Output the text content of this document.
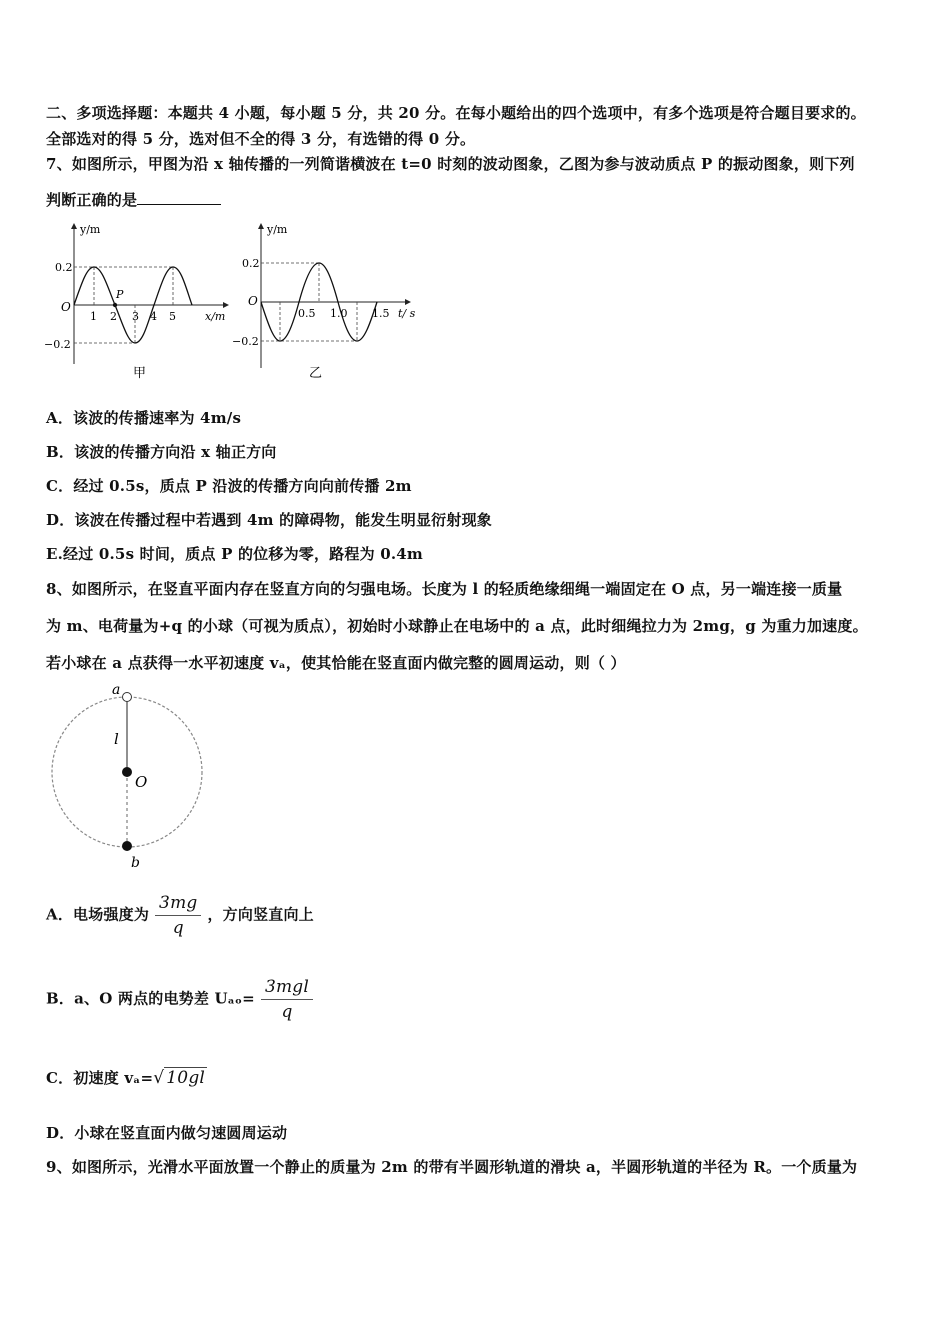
二、多项选择题：本题共 4 小题，每小题 5 分，共 20 分。在每小题给出的四个选项中，有多个选项是符合题目要求的。
全部选对的得 5 分，选对但不全的得 3 分，有选错的得 0 分。
7、如图所示，甲图为沿 x 轴传播的一列简谐横波在 t=0 时刻的波动图象，乙图为参与波动质点 P 的振动图象，则下列
判断正确的是
y/m
x/m
O
0.2
−0.2
P
1 2 3 4 5
甲
y/m
t/ s
O
0.2
−0.2
0.5 1.0 1.5
乙
A．该波的传播速率为 4m/s
B．该波的传播方向沿 x 轴正方向
C．经过 0.5s，质点 P 沿波的传播方向向前传播 2m
D．该波在传播过程中若遇到 4m 的障碍物，能发生明显衍射现象
E.经过 0.5s 时间，质点 P 的位移为零，路程为 0.4m
8、如图所示，在竖直平面内存在竖直方向的匀强电场。长度为 l 的轻质绝缘细绳一端固定在 O 点，另一端连接一质量
为 m、电荷量为+q 的小球（可视为质点），初始时小球静止在电场中的 a 点，此时细绳拉力为 2mg，g 为重力加速度。
若小球在 a 点获得一水平初速度 vₐ，使其恰能在竖直面内做完整的圆周运动，则（ ）
a
l
O
b
A．电场强度为 $\frac{3mg}{q}$ ，方向竖直向上
B．a、O 两点的电势差 $U_{ao}= \frac{\text{3mgl}}{q}$
C．初速度 vₐ=√ 10gl
D．小球在竖直面内做匀速圆周运动
9、如图所示，光滑水平面放置一个静止的质量为 2m 的带有半圆形轨道的滑块 a，半圆形轨道的半径为 R。一个质量为
